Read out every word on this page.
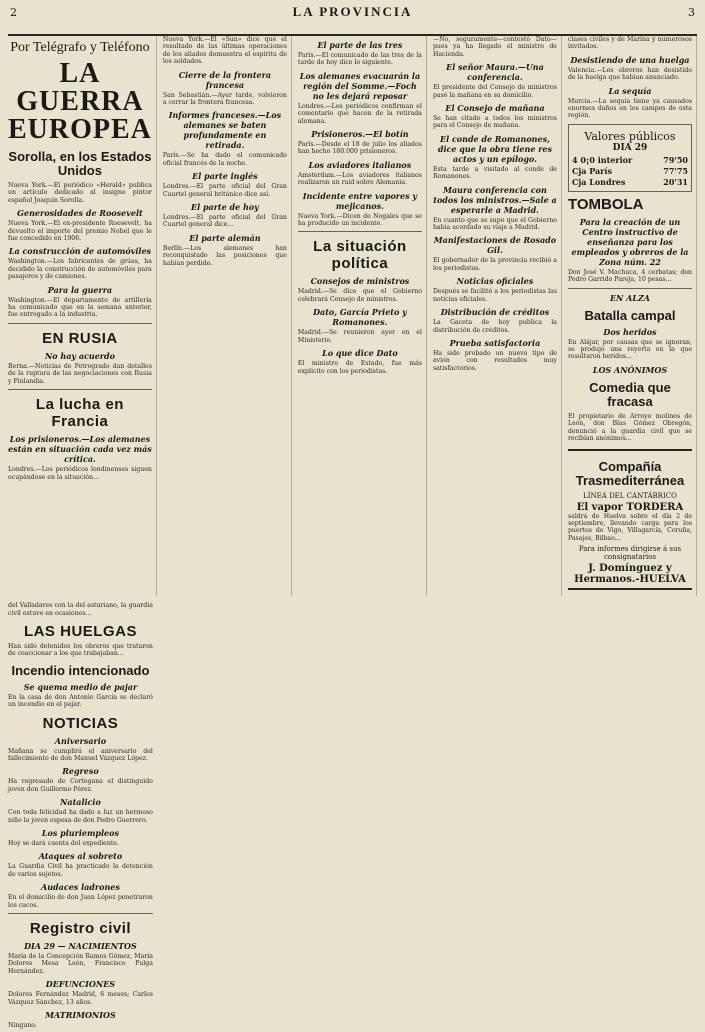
2	LA PROVINCIA	3
Por Telégrafo y Teléfono
LA GUERRA EUROPEA
Sorolla, en los Estados Unidos

Nueva York.—El periódico «Herald» publica un artículo dedicado al insigne pintor español Joaquín Sorolla.

Generosidades de Roosevelt

Nueva York.—El ex-presidente Roosevelt, ha devuelto el importe del premio Nobel que le fue concedido en 1906.

La construcción de automóviles

Washington.—Los fabricantes de grúas, ha decidido la construcción de automóviles para pasajeros y de camiones.

Para la guerra

Washington.—El departamento de artillería ha comunicado que en la semana anterior, fue entregado a la industria.

EN RUSIA
No hay acuerdo

Berna.—Noticias de Petrogrado dan detalles de la ruptura de las negociaciones con Rusia y Finlandia.

La lucha en Francia
Los prisioneros.—Los alemanes están en situación cada vez más crítica.

Londres.—Los periódicos londinenses siguen ocupándose en la situación...

Nueva York.—El «Sun» dice que el resultado de las últimas operaciones de los aliados demuestra el espíritu de los soldados.

Cierre de la frontera francesa

San Sebastián.—Ayer tarde, volvieron a cerrar la frontera francesa.

Informes franceses.—Los alemanes se baten profundamente en retirada.

París.—Se ha dado el comunicado oficial francés de la noche.

El parte inglés

Londres.—El parte oficial del Gran Cuartel general británico dice así.

El parte de hoy

Londres.—El parte oficial del Gran Cuartel general dice...

El parte alemán

Berlín.—Los alemanes han reconquistado las posiciones que habían perdido.

El parte de las tres

París.—El comunicado de las tres de la tarde de hoy dice lo siguiente.

Los alemanes evacuarán la región del Somme.—Foch no les dejará reposar

Londres.—Los periódicos confirman el comentario que hacen de la retirada alemana.

Prisioneros.—El botín

París.—Desde el 18 de julio los aliados han hecho 180.000 prisioneros.

Los aviadores italianos

Amsterdam.—Los aviadores italianos realizaron un raid sobre Alemania.

Incidente entre vapores y mejicanos.

Nueva York.—Dicen de Nogales que se ha producido un incidente.

La situación política
Consejos de ministros

Madrid.—Se dice que el Gobierno celebrará Consejo de ministros.

Dato, García Prieto y Romanones.

Madrid.—Se reunieron ayer en el Ministerio.

Lo que dice Dato

El ministro de Estado, fue más explícito con los periodistas.

—No, seguramente—contestó Dato—pues ya ha llegado el ministro de Hacienda.

El señor Maura.—Una conferencia.

El presidente del Consejo de ministros pasó la mañana en su domicilio.

El Consejo de mañana

Se han citado a todos los ministros para el Consejo de mañana.

El conde de Romanones, dice que la obra tiene res actos y un epílogo.

Esta tarde a visitado al conde de Romanones.

Maura conferencia con todos los ministros.—Sale a esperarle a Madrid.

En cuanto que se supo que el Gobierno había acordado su viaje a Madrid.

Manifestaciones de Rosado Gil.

El gobernador de la provincia recibió a los periodistas.

Noticias oficiales

Después se facilitó a los periodistas las noticias oficiales.

Distribución de créditos

La Gaceta de hoy publica la distribución de créditos.

Prueba satisfactoria

Ha sido probado un nuevo tipo de avión con resultados muy satisfactorios.

clases civiles y de Marina y numerosos invitados.

Desistiendo de una huelga

Valencia.—Los obreros han desistido de la huelga que habían anunciado.

La sequía

Murcia.—La sequía tiene ya causados enormes daños en los campos de esta región.

Valores públicos
DIA 29
4 0¡0 interior	79'50
Cja París	77'75
Cja Londres	20'31
TOMBOLA
Para la creación de un Centro instructivo de enseñanza para los empleados y obreros de la Zona núm. 22

Don José V. Machuca, 4 cerbatas; don Pedro Garrido Pareja, 10 pesas...

EN ALZA
Batalla campal
Dos heridos

En Alájar, por causas que se ignoran, se produjo una reyerta en la que resultaron heridos...

LOS ANÓNIMOS
Comedia que fracasa

El propietario de Arroyo molinos de León, don Blas Gómez Obregón, denunció a la guardia civil que se recibían anónimos...

Compañía Trasmediterránea
LÍNEA DEL CANTÁBRICO
El vapor TORDERA

saldrá de Huelva sobre el día 2 de septiembre, llevando carga para los puertos de Vigo, Villagarcía, Coruña, Pasajes, Bilbao...

Para informes dirigirse á sus consignatarios
J. Domínguez y Hermanos.-HUELVA

del Valladares con la del asturiano, la guardia civil estuvo en ocasiones...

LAS HUELGAS

Han sido detenidos los obreros que trataron de coaccionar a los que trabajaban...

Incendio intencionado
Se quema medio de pajar

En la casa de don Antonio García se declaró un incendio en el pajar.

NOTICIAS
Aniversario

Mañana se cumplirá el aniversario del fallecimiento de don Manuel Vázquez López.

Regreso

Ha regresado de Cortegana el distinguido joven don Guillermo Pérez.

Natalicio

Con toda felicidad ha dado a luz un hermoso niño la joven esposa de don Pedro Guerrero.

Los pluriempleos

Hoy se dará cuenta del expediente.

Ataques al sobreto

La Guardia Civil ha practicado la detención de varios sujetos.

Audaces ladrones

En el domicilio de don Juan López penetraron los cacos.

Registro civil
DIA 29 — NACIMIENTOS

María de la Concepción Ramos Gómez, María Dolores Mesa León, Francisco Pulga Hernández.

DEFUNCIONES

Dolores Fernández Madrid, 6 meses; Carlos Vázquez Sánchez, 13 años.

MATRIMONIOS

Ninguno.
